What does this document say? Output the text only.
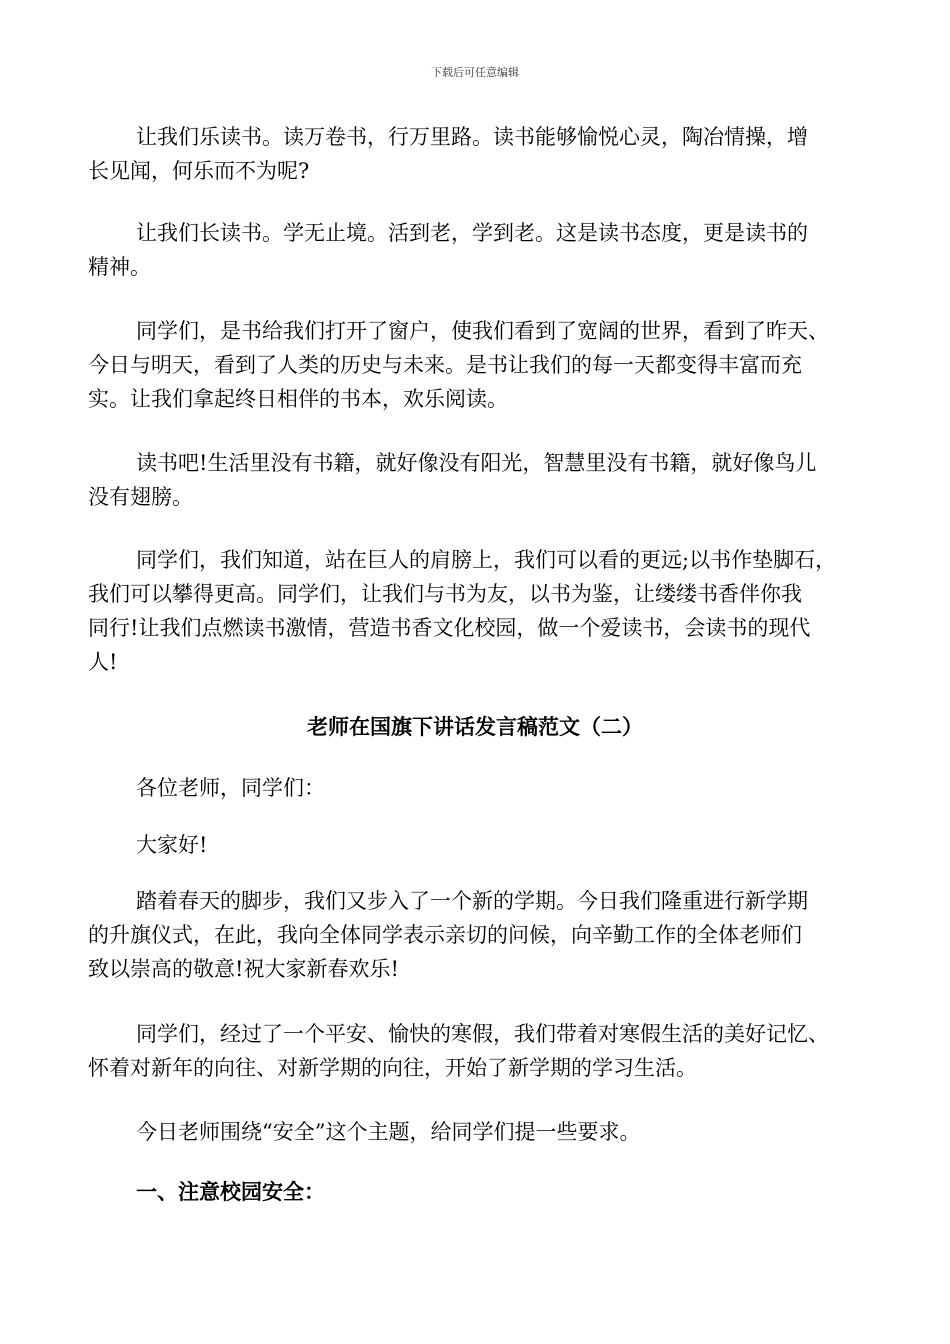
下载后可任意编辑

让我们乐读书。读万卷书，行万里路。读书能够愉悦心灵，陶冶情操，增
长见闻，何乐而不为呢?

让我们长读书。学无止境。活到老，学到老。这是读书态度，更是读书的
精神。

同学们，是书给我们打开了窗户，使我们看到了宽阔的世界，看到了昨天、
今日与明天，看到了人类的历史与未来。是书让我们的每一天都变得丰富而充
实。让我们拿起终日相伴的书本，欢乐阅读。

读书吧!生活里没有书籍，就好像没有阳光，智慧里没有书籍，就好像鸟儿
没有翅膀。

同学们，我们知道，站在巨人的肩膀上，我们可以看的更远;以书作垫脚石，
我们可以攀得更高。同学们，让我们与书为友，以书为鉴，让缕缕书香伴你我
同行!让我们点燃读书激情，营造书香文化校园，做一个爱读书，会读书的现代
人!

老师在国旗下讲话发言稿范文（二）

各位老师，同学们：

大家好!

踏着春天的脚步，我们又步入了一个新的学期。今日我们隆重进行新学期
的升旗仪式，在此，我向全体同学表示亲切的问候，向辛勤工作的全体老师们
致以崇高的敬意!祝大家新春欢乐!

同学们，经过了一个平安、愉快的寒假，我们带着对寒假生活的美好记忆、
怀着对新年的向往、对新学期的向往，开始了新学期的学习生活。

今日老师围绕“安全”这个主题，给同学们提一些要求。

一、注意校园安全：
